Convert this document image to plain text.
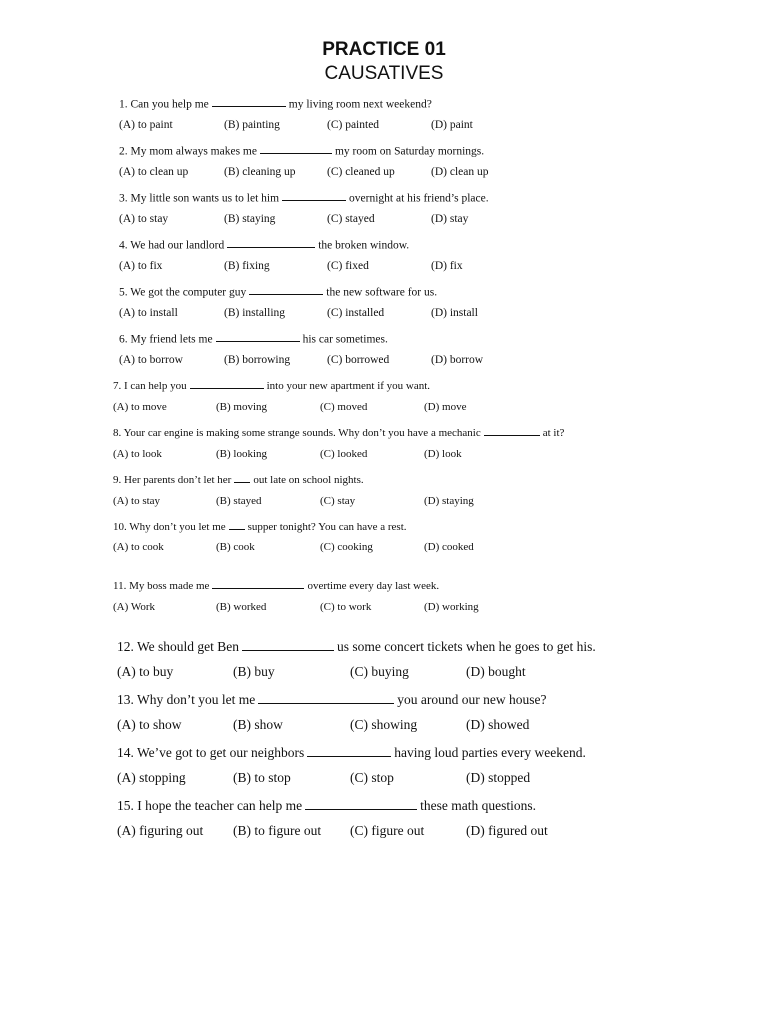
PRACTICE 01
CAUSATIVES
1. Can you help me	my living room next weekend?
(A) to paint	(B) painting	(C) painted	(D) paint
2. My mom always makes me	my room on Saturday mornings.
(A) to clean up	(B) cleaning up	(C) cleaned up	(D) clean up
3. My little son wants us to let him	overnight at his friend’s place.
(A) to stay	(B) staying	(C) stayed	(D) stay
4. We had our landlord	the broken window.
(A) to fix	(B) fixing	(C) fixed	(D) fix
5. We got the computer guy	the new software for us.
(A) to install	(B) installing	(C) installed	(D) install
6. My friend lets me	his car sometimes.
(A) to borrow	(B) borrowing	(C) borrowed	(D) borrow
7. I can help you	into your new apartment if you want.
(A) to move	(B) moving	(C) moved	(D) move
8. Your car engine is making some strange sounds. Why don’t you have a mechanic	at it?
(A) to look	(B) looking	(C) looked	(D) look
9. Her parents don’t let her out late on school nights.
(A) to stay	(B) stayed	(C) stay	(D) staying
10. Why don’t you let me supper tonight? You can have a rest.
(A) to cook	(B) cook	(C) cooking	(D) cooked
11. My boss made me	overtime every day last week.
(A) Work	(B) worked	(C) to work	(D) working
12. We should get Ben	us some concert tickets when he goes to get his.
(A) to buy	(B) buy	(C) buying	(D) bought
13. Why don’t you let me	you around our new house?
(A) to show	(B) show	(C) showing	(D) showed
14. We’ve got to get our neighbors	having loud parties every weekend.
(A) stopping	(B) to stop	(C) stop	(D) stopped
15. I hope the teacher can help me	these math questions.
(A) figuring out (B) to figure out (C) figure out	(D) figured out
